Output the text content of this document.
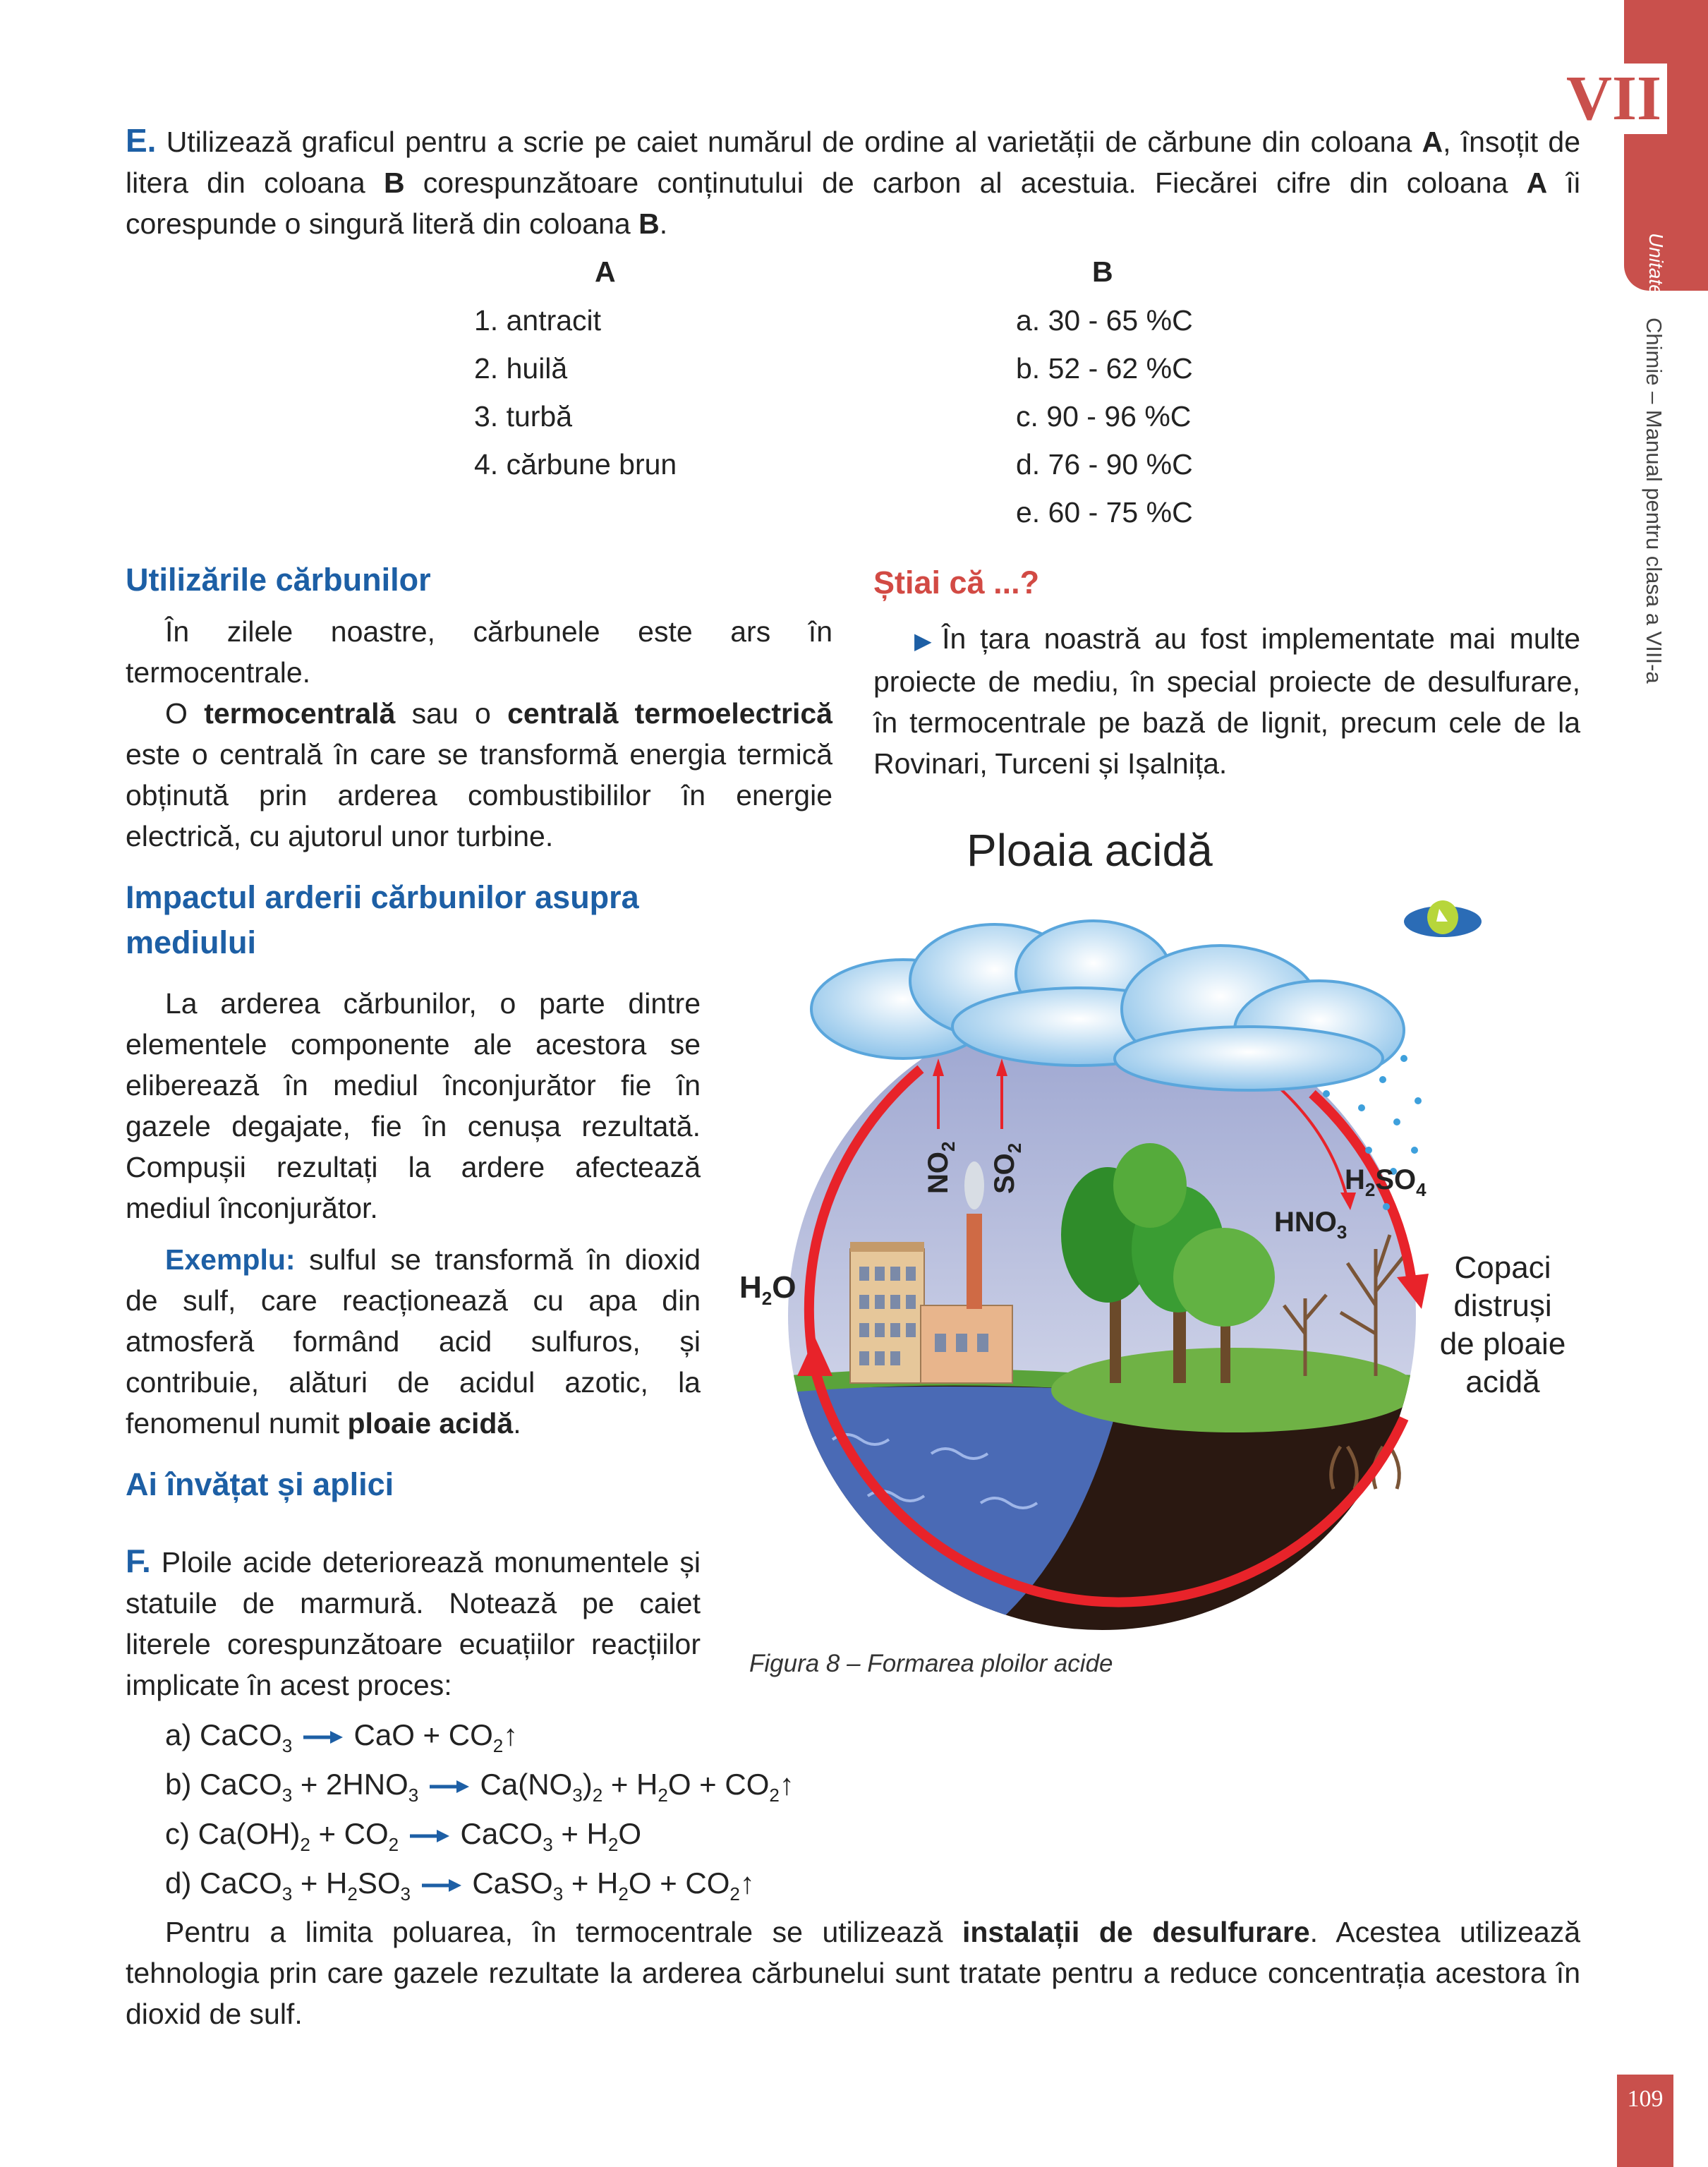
VII
Unitatea
Chimie – Manual pentru clasa a VIII-a
109
E. Utilizează graficul pentru a scrie pe caiet numărul de ordine al varietății de cărbune din coloana A, însoțit de litera din coloana B corespunzătoare conținutului de carbon al acestuia. Fiecărei cifre din coloana A îi corespunde o singură literă din coloana B.
A	B
1. antracit
2. huilă
3. turbă
4. cărbune brun
a. 30 - 65 %C
b. 52 - 62 %C
c. 90 - 96 %C
d. 76 - 90 %C
e. 60 - 75 %C
Utilizările cărbunilor
În zilele noastre, cărbunele este ars în termocentrale.
O termocentrală sau o centrală termoelectrică este o centrală în care se transformă energia termică obținută prin arderea combustibililor în energie electrică, cu ajutorul unor turbine.
Știai că ...?
▶ În țara noastră au fost implementate mai multe proiecte de mediu, în special proiecte de desulfurare, în termocentrale pe bază de lignit, precum cele de la Rovinari, Turceni și Ișalnița.
Impactul arderii cărbunilor asupra mediului
La arderea cărbunilor, o parte dintre elementele componente ale acestora se eliberează în mediul înconjurător fie în gazele degajate, fie în cenușa rezultată. Compușii rezultați la ardere afectează mediul înconjurător.
Exemplu: sulful se transformă în dioxid de sulf, care reacționează cu apa din atmosferă formând acid sulfuros, și contribuie, alături de acidul azotic, la fenomenul numit ploaie acidă.
Ai învățat și aplici
F. Ploile acide deteriorează monumentele și statuile de marmură. Notează pe caiet literele corespunzătoare ecuațiilor reacțiilor implicate în acest proces:
a) CaCO$_3$ → CaO + $CO_2↑$
b) CaCO$_3$ + $2HNO_3 \to Ca(NO_3)_2 + H_2O$ + $CO_2↑$
c) $Ca(OH)_2 + CO_2$ → CaCO$_3$ + $H_2O$
d) CaCO$_3$ + $H_2SO_3$ → CaSO$_3$ + $H_2O$ + $CO_2↑$
Pentru a limita poluarea, în termocentrale se utilizează instalații de desulfurare. Acestea utilizează tehnologia prin care gazele rezultate la arderea cărbunelui sunt tratate pentru a reduce concentrația acestora în dioxid de sulf.
Ploaia acidă
$H_2O$
$NO_2$
$SO_2$
$H_2SO_4$
$HNO_3$
Copaci
distruși
de ploaie
acidă
Figura 8 – Formarea ploilor acide
